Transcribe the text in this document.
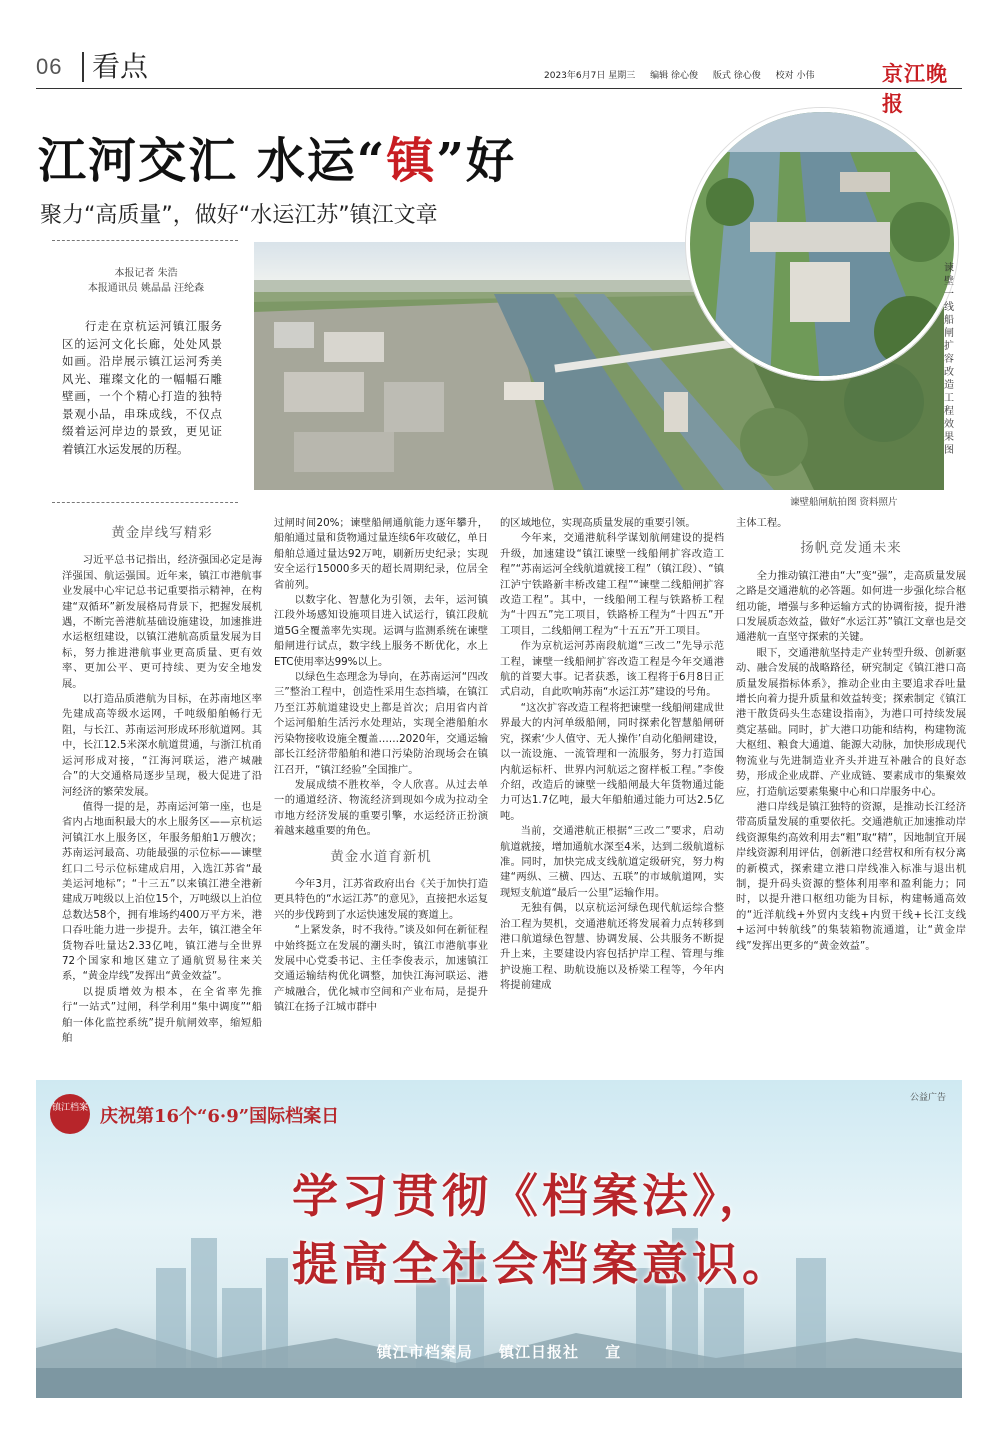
06	看点	2023年6月7日 星期三 编辑 徐心俊 版式 徐心俊 校对 小伟	京江晚报
江河交汇 水运“镇”好
聚力“高质量”，做好“水运江苏”镇江文章
本报记者 朱浩
本报通讯员 姚晶晶 汪纶森
行走在京杭运河镇江服务区的运河文化长廊，处处风景如画。沿岸展示镇江运河秀美风光、璀璨文化的一幅幅石雕壁画，一个个精心打造的独特景观小品，串珠成线，不仅点缀着运河岸边的景致，更见证着镇江水运发展的历程。
谏壁一线船闸扩容改造工程效果图
谏壁船闸航拍图 资料照片
黄金岸线写精彩

习近平总书记指出，经济强国必定是海洋强国、航运强国。近年来，镇江市港航事业发展中心牢记总书记重要指示精神，在构建“双循环”新发展格局背景下，把握发展机遇，不断完善港航基础设施建设，加速推进水运枢纽建设，以镇江港航高质量发展为目标，努力推进港航事业更高质量、更有效率、更加公平、更可持续、更为安全地发展。

以打造品质港航为目标，在苏南地区率先建成高等级水运网，千吨级船舶畅行无阻，与长江、苏南运河形成环形航道网。其中，长江12.5米深水航道贯通，与浙江杭甬运河形成对接，“江海河联运，港产城融合”的大交通格局逐步呈现，极大促进了沿河经济的繁荣发展。

值得一提的是，苏南运河第一座，也是省内占地面积最大的水上服务区——京杭运河镇江水上服务区，年服务船舶1万艘次；苏南运河最高、功能最强的示位标——谏壁红口二号示位标建成启用，入选江苏省“最美运河地标”；“十三五”以来镇江港全港新建成万吨级以上泊位15个，万吨级以上泊位总数达58个，拥有堆场约400万平方米，港口吞吐能力进一步提升。去年，镇江港全年货物吞吐量达2.33亿吨，镇江港与全世界72个国家和地区建立了通航贸易往来关系，“黄金岸线”发挥出“黄金效益”。

以提质增效为根本，在全省率先推行“一站式”过闸，科学利用“集中调度”“船舶一体化监控系统”提升航闸效率，缩短船舶

过闸时间20%；谏壁船闸通航能力逐年攀升，船舶通过量和货物通过量连续6年攻破亿，单日船舶总通过量达92万吨，刷新历史纪录；实现安全运行15000多天的超长周期纪录，位居全省前列。

以数字化、智慧化为引领，去年，运河镇江段外场感知设施项目进入试运行，镇江段航道5G全覆盖率先实现。运调与监测系统在谏壁船闸进行试点，数字线上服务不断优化，水上ETC使用率达99%以上。

以绿色生态理念为导向，在苏南运河“四改三”整治工程中，创造性采用生态挡墙，在镇江乃至江苏航道建设史上都是首次；启用省内首个运河船舶生活污水处理站，实现全港船舶水污染物接收设施全覆盖……2020年，交通运输部长江经济带船舶和港口污染防治现场会在镇江召开，“镇江经验”全国推广。

发展成绩不胜枚举，令人欣喜。从过去单一的通道经济、物流经济到现如今成为拉动全市地方经济发展的重要引擎，水运经济正扮演着越来越重要的角色。

黄金水道育新机

今年3月，江苏省政府出台《关于加快打造更具特色的“水运江苏”的意见》，直接把水运复兴的步伐跨到了水运快速发展的赛道上。

“上紧发条，时不我待。”谈及如何在新征程中始终挺立在发展的潮头时，镇江市港航事业发展中心党委书记、主任李俊表示，加速镇江交通运输结构优化调整，加快江海河联运、港产城融合，优化城市空间和产业布局，是提升镇江在扬子江城市群中

的区域地位，实现高质量发展的重要引领。

今年来，交通港航科学谋划航闸建设的提档升级，加速建设“镇江谏壁一线船闸扩容改造工程”“苏南运河全线航道就接工程”（镇江段）、“镇江泸宁铁路新丰桥改建工程”“谏壁二线船闸扩容改造工程”。其中，一线船闸工程与铁路桥工程为“十四五”完工项目，铁路桥工程为“十四五”开工项目，二线船闸工程为“十五五”开工项目。

作为京杭运河苏南段航道“三改二”先导示范工程，谏壁一线船闸扩容改造工程是今年交通港航的首要大事。记者获悉，该工程将于6月8日正式启动，自此吹响苏南“水运江苏”建设的号角。

“这次扩容改造工程将把谏壁一线船闸建成世界最大的内河单级船闸，同时探索化智慧船闸研究，探索‘少人值守、无人操作’自动化船闸建设，以一流设施、一流管理和一流服务，努力打造国内航运标杆、世界内河航运之窗样板工程。”李俊介绍，改造后的谏壁一线船闸最大年货物通过能力可达1.7亿吨，最大年船舶通过能力可达2.5亿吨。

当前，交通港航正根据“三改二”要求，启动航道就接，增加通航水深至4米，达到二级航道标准。同时，加快完成支线航道定级研究，努力构建“两纵、三横、四达、五联”的市域航道网，实现短支航道“最后一公里”运输作用。

无独有偶，以京杭运河绿色现代航运综合整治工程为契机，交通港航还将发展着力点转移到港口航道绿色智慧、协调发展、公共服务不断提升上来，主要建设内容包括护岸工程、管理与维护设施工程、助航设施以及桥梁工程等，今年内将提前建成

主体工程。

扬帆竞发通未来

全力推动镇江港由“大”变“强”，走高质量发展之路是交通港航的必答题。如何进一步强化综合枢纽功能，增强与多种运输方式的协调衔接，提升港口发展质态效益，做好“水运江苏”镇江文章也是交通港航一直坚守探索的关键。

眼下，交通港航坚持走产业转型升级、创新驱动、融合发展的战略路径，研究制定《镇江港口高质量发展指标体系》，推动企业由主要追求吞吐量增长向着力提升质量和效益转变；探索制定《镇江港干散货码头生态建设指南》，为港口可持续发展奠定基础。同时，扩大港口功能和结构，构建物流大枢纽、粮食大通道、能源大动脉，加快形成现代物流业与先进制造业齐头并进互补融合的良好态势，形成企业成群、产业成链、要素成市的集聚效应，打造航运要素集聚中心和口岸服务中心。

港口岸线是镇江独特的资源，是推动长江经济带高质量发展的重要依托。交通港航正加速推动岸线资源集约高效利用去“粗”取“精”，因地制宜开展岸线资源利用评估，创新港口经营权和所有权分离的新模式，探索建立港口岸线准入标准与退出机制，提升码头资源的整体利用率和盈利能力；同时，以提升港口枢纽功能为目标，构建畅通高效的“近洋航线+外贸内支线+内贸干线+长江支线+运河中转航线”的集装箱物流通道，让“黄金岸线”发挥出更多的“黄金效益”。

镇江档案 庆祝第16个“6·9”国际档案日
公益广告
学习贯彻《档案法》，
提高全社会档案意识。
镇江市档案局 镇江日报社 宣
